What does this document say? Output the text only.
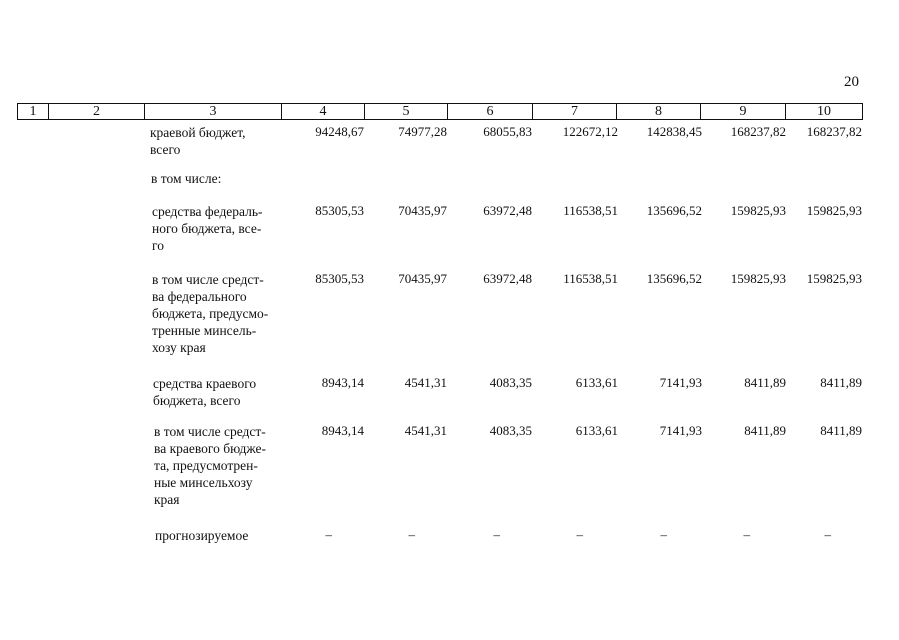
20
1	2	3	4	5	6	7	8	9	10
краевой бюджет,
всего
94248,67	74977,28	68055,83 122672,12 142838,45 168237,82 168237,82
в том числе:
средства федераль-
ного бюджета, все-
го
85305,53	70435,97	63972,48 116538,51 135696,52 159825,93 159825,93
в том числе средст-
ва федерального
бюджета, предусмо-
тренные минсель-
хозу края
85305,53	70435,97	63972,48 116538,51 135696,52 159825,93 159825,93
средства краевого
бюджета, всего
8943,14	4541,31	4083,35	6133,61	7141,93	8411,89	8411,89
в том числе средст-
ва краевого бюдже-
та, предусмотрен-
ные минсельхозу
края
8943,14	4541,31	4083,35	6133,61	7141,93	8411,89	8411,89
прогнозируемое	–	–	–	–	–	–	–
